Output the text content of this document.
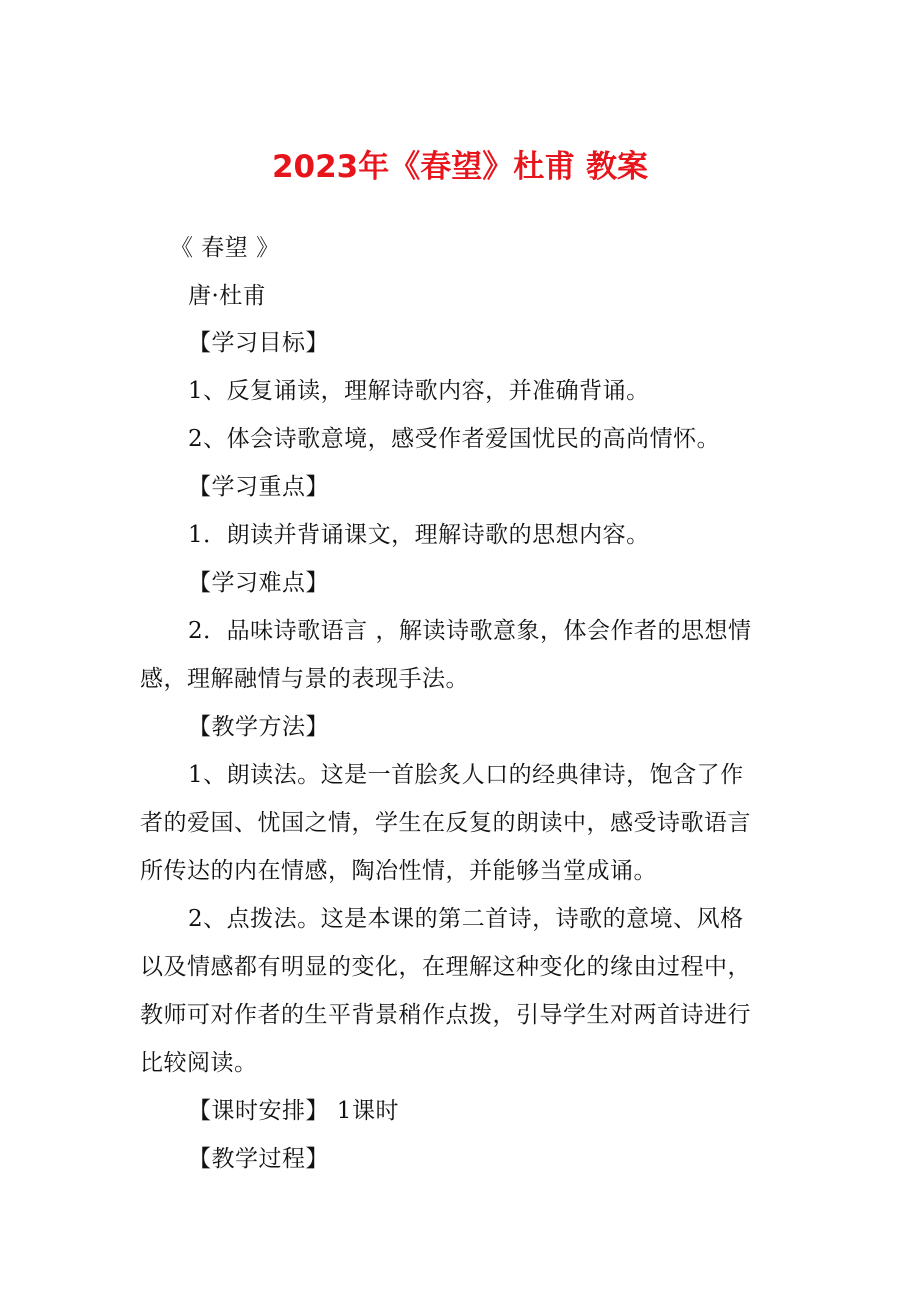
2023年《春望》杜甫 教案
《 春望 》
唐·杜甫
【学习目标】
1、反复诵读，理解诗歌内容，并准确背诵。
2、体会诗歌意境，感受作者爱国忧民的高尚情怀。
【学习重点】
1．朗读并背诵课文，理解诗歌的思想内容。
【学习难点】
2．品味诗歌语言 ，解读诗歌意象，体会作者的思想情
感，理解融情与景的表现手法。
【教学方法】
1、朗读法。这是一首脍炙人口的经典律诗，饱含了作
者的爱国、忧国之情，学生在反复的朗读中，感受诗歌语言
所传达的内在情感，陶冶性情，并能够当堂成诵。
2、点拨法。这是本课的第二首诗，诗歌的意境、风格
以及情感都有明显的变化，在理解这种变化的缘由过程中，
教师可对作者的生平背景稍作点拨，引导学生对两首诗进行
比较阅读。
【课时安排】 1课时
【教学过程】
